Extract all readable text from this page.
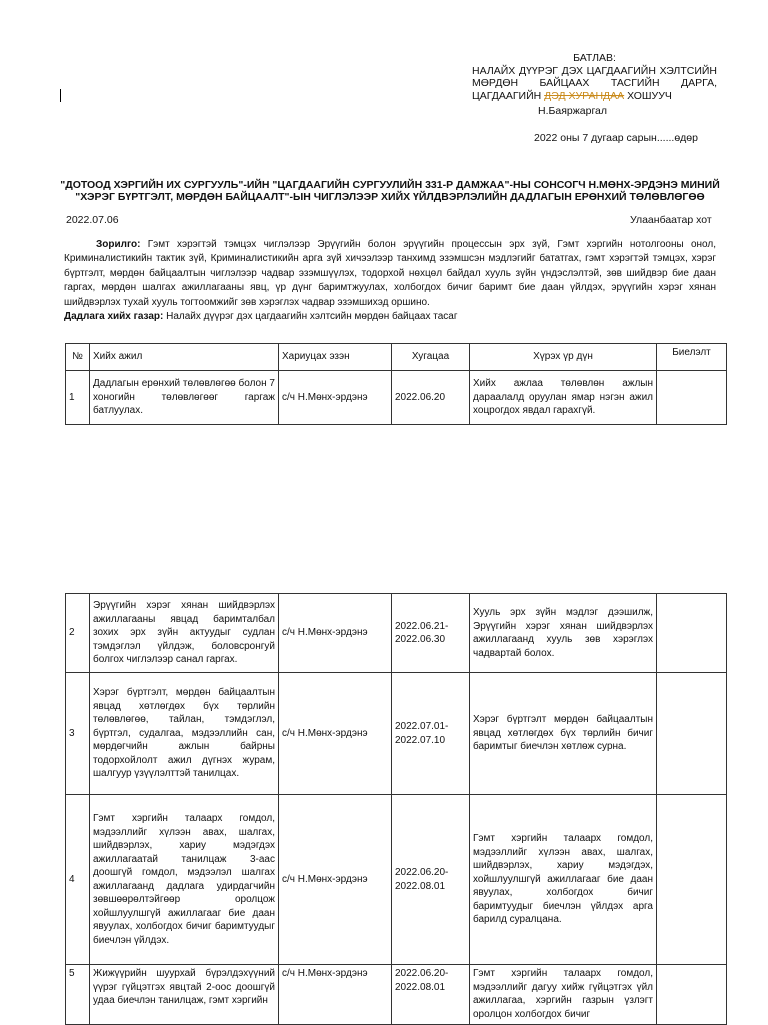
БАТЛАВ:
НАЛАЙХ ДҮҮРЭГ ДЭХ ЦАГДААГИЙН ХЭЛТСИЙН МӨРДӨН БАЙЦААХ ТАСГИЙН ДАРГА, ЦАГДААГИЙН ДЭД ХУРАНДАА ХОШУУЧ
Н.Баяржаргал
2022 оны 7 дугаар сарын......өдөр
"ДОТООД ХЭРГИЙН ИХ СУРГУУЛЬ"-ИЙН "ЦАГДААГИЙН СУРГУУЛИЙН 331-Р ДАМЖАА"-НЫ СОНСОГЧ Н.МӨНХ-ЭРДЭНЭ МИНИЙ "ХЭРЭГ БҮРТГЭЛТ, МӨРДӨН БАЙЦААЛТ"-ЫН ЧИГЛЭЛЭЭР ХИЙХ ҮЙЛДВЭРЛЭЛИЙН ДАДЛАГЫН ЕРӨНХИЙ ТӨЛӨВЛӨГӨӨ
2022.07.06	Улаанбаатар хот
Зорилго: Гэмт хэрэгтэй тэмцэх чиглэлээр Эрүүгийн болон эрүүгийн процессын эрх зүй, Гэмт хэргийн нотолгооны онол, Криминалистикийн тактик зүй, Криминалистикийн арга зүй хичээлээр танхимд эзэмшсэн мэдлэгийг бататгах, гэмт хэрэгтэй тэмцэх, хэрэг бүртгэлт, мөрдөн байцаалтын чиглэлээр чадвар эзэмшүүлэх, тодорхой нөхцөл байдал хууль зүйн үндэслэлтэй, зөв шийдвэр бие даан гаргах, мөрдөн шалгах ажиллагааны явц, үр дүнг баримтжуулах, холбогдох бичиг баримт бие даан үйлдэх, эрүүгийн хэрэг хянан шийдвэрлэх тухай хууль тогтоомжийг зөв хэрэглэх чадвар эзэмшихэд оршино.
Дадлага хийх газар: Налайх дүүрэг дэх цагдаагийн хэлтсийн мөрдөн байцаах тасаг
№	Хийх ажил	Хариуцах эзэн	Хугацаа	Хүрэх үр дүн	Биелэлт
1	Дадлагын ерөнхий төлөвлөгөө болон 7 хоногийн төлөвлөгөөг гаргаж батлуулах.	с/ч Н.Мөнх-эрдэнэ	2022.06.20	Хийх ажлаа төлөвлөн ажлын дараалалд оруулан ямар нэгэн ажил хоцрогдох явдал гарахгүй.	
2	Эрүүгийн хэрэг хянан шийдвэрлэх ажиллагааны явцад баримталбал зохих эрх зүйн актуудыг судлан тэмдэглэл үйлдэж, боловсронгуй болгох чиглэлээр санал гаргах.	с/ч Н.Мөнх-эрдэнэ	2022.06.21-2022.06.30	Хууль эрх зүйн мэдлэг дээшилж, Эрүүгийн хэрэг хянан шийдвэрлэх ажиллагаанд хууль зөв хэрэглэх чадвартай болох.	
3	Хэрэг бүртгэлт, мөрдөн байцаалтын явцад хөтлөгдөх бүх төрлийн төлөвлөгөө, тайлан, тэмдэглэл, бүртгэл, судалгаа, мэдээллийн сан, мөрдөгчийн ажлын байрны тодорхойлолт ажил дүгнэх журам, шалгуур үзүүлэлттэй танилцах.	с/ч Н.Мөнх-эрдэнэ	2022.07.01-2022.07.10	Хэрэг бүртгэлт мөрдөн байцаалтын явцад хөтлөгдөх бүх төрлийн бичиг баримтыг биечлэн хөтлөж сурна.	
4	Гэмт хэргийн талаарх гомдол, мэдээллийг хүлээн авах, шалгах, шийдвэрлэх, хариу мэдэгдэх ажиллагаатай танилцаж 3-аас доошгүй гомдол, мэдээлэл шалгах ажиллагаанд дадлага удирдагчийн зөвшөөрөлтэйгөөр оролцож хойшлуулшгүй ажиллагааг бие даан явуулах, холбогдох бичиг баримтуудыг биечлэн үйлдэх.	с/ч Н.Мөнх-эрдэнэ	2022.06.20-2022.08.01	Гэмт хэргийн талаарх гомдол, мэдээллийг хүлээн авах, шалгах, шийдвэрлэх, хариу мэдэгдэх, хойшлуулшгүй ажиллагааг бие даан явуулах, холбогдох бичиг баримтуудыг биечлэн үйлдэх арга барилд суралцана.	
5	Жижүүрийн шуурхай бүрэлдэхүүний үүрэг гүйцэтгэх явцтай 2-оос доошгүй удаа биечлэн танилцаж, гэмт хэргийн	с/ч Н.Мөнх-эрдэнэ	2022.06.20-2022.08.01	Гэмт хэргийн талаарх гомдол, мэдээллийг дагуу хийж гүйцэтгэх үйл ажиллагаа, хэргийн газрын үзлэгт оролцон холбогдох бичиг	
